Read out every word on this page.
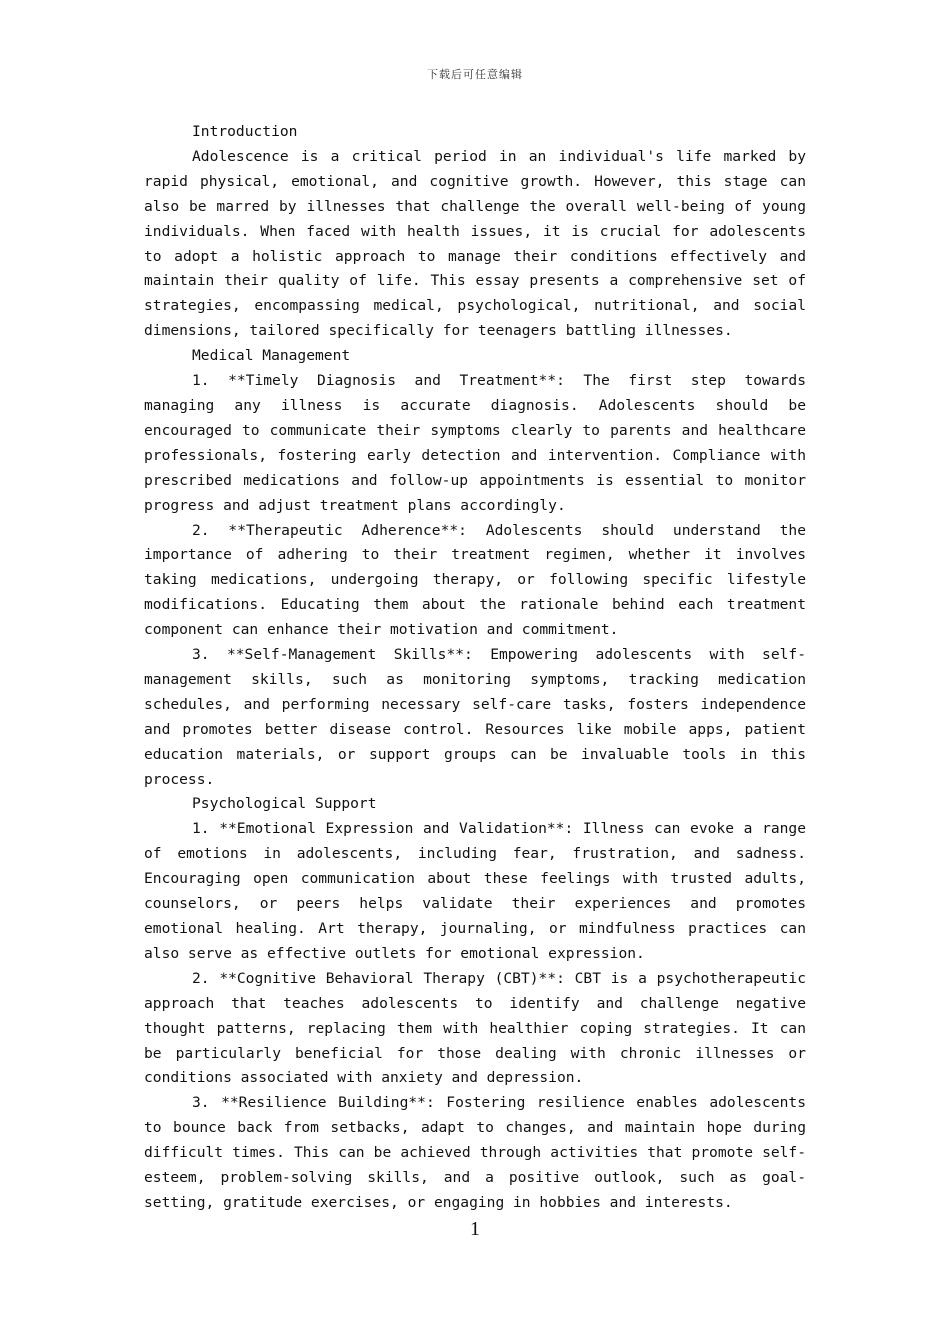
下载后可任意编辑

Introduction

Adolescence is a critical period in an individual's life marked by rapid physical, emotional, and cognitive growth. However, this stage can also be marred by illnesses that challenge the overall well-being of young individuals. When faced with health issues, it is crucial for adolescents to adopt a holistic approach to manage their conditions effectively and maintain their quality of life. This essay presents a comprehensive set of strategies, encompassing medical, psychological, nutritional, and social dimensions, tailored specifically for teenagers battling illnesses.

Medical Management

1. **Timely Diagnosis and Treatment**: The first step towards managing any illness is accurate diagnosis. Adolescents should be encouraged to communicate their symptoms clearly to parents and healthcare professionals, fostering early detection and intervention. Compliance with prescribed medications and follow-up appointments is essential to monitor progress and adjust treatment plans accordingly.

2. **Therapeutic Adherence**: Adolescents should understand the importance of adhering to their treatment regimen, whether it involves taking medications, undergoing therapy, or following specific lifestyle modifications. Educating them about the rationale behind each treatment component can enhance their motivation and commitment.

3. **Self-Management Skills**: Empowering adolescents with self-management skills, such as monitoring symptoms, tracking medication schedules, and performing necessary self-care tasks, fosters independence and promotes better disease control. Resources like mobile apps, patient education materials, or support groups can be invaluable tools in this process.

Psychological Support

1. **Emotional Expression and Validation**: Illness can evoke a range of emotions in adolescents, including fear, frustration, and sadness. Encouraging open communication about these feelings with trusted adults, counselors, or peers helps validate their experiences and promotes emotional healing. Art therapy, journaling, or mindfulness practices can also serve as effective outlets for emotional expression.

2. **Cognitive Behavioral Therapy (CBT)**: CBT is a psychotherapeutic approach that teaches adolescents to identify and challenge negative thought patterns, replacing them with healthier coping strategies. It can be particularly beneficial for those dealing with chronic illnesses or conditions associated with anxiety and depression.

3. **Resilience Building**: Fostering resilience enables adolescents to bounce back from setbacks, adapt to changes, and maintain hope during difficult times. This can be achieved through activities that promote self-esteem, problem-solving skills, and a positive outlook, such as goal-setting, gratitude exercises, or engaging in hobbies and interests.

1
